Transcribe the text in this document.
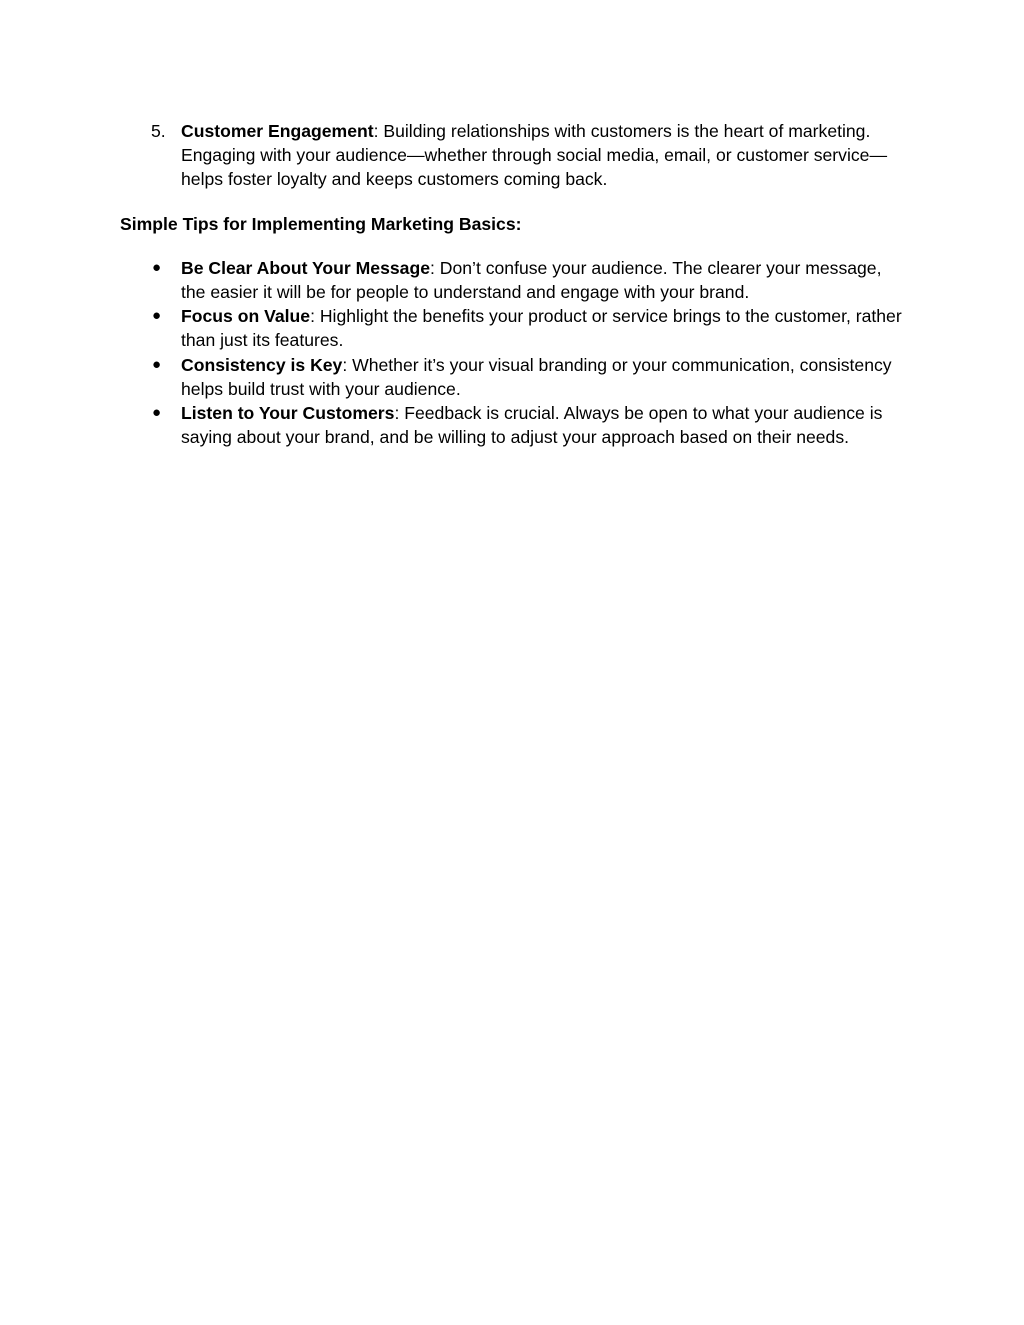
5. Customer Engagement: Building relationships with customers is the heart of marketing. Engaging with your audience—whether through social media, email, or customer service—helps foster loyalty and keeps customers coming back.
Simple Tips for Implementing Marketing Basics:
●	Be Clear About Your Message: Don’t confuse your audience. The clearer your message, the easier it will be for people to understand and engage with your brand.
●	Focus on Value: Highlight the benefits your product or service brings to the customer, rather than just its features.
●	Consistency is Key: Whether it’s your visual branding or your communication, consistency helps build trust with your audience.
●	Listen to Your Customers: Feedback is crucial. Always be open to what your audience is saying about your brand, and be willing to adjust your approach based on their needs.
